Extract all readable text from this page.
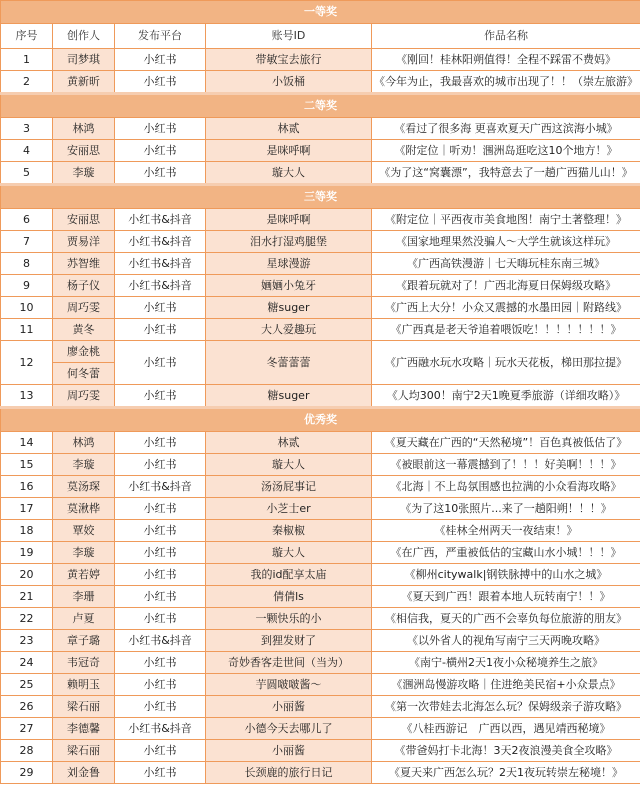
一等奖				
序号	创作人	发布平台	账号ID	作品名称
1	司梦琪	小红书	带敏宝去旅行	《刚回！桂林阳朔值得！全程不踩雷不费妈》
2	黄新昕	小红书	小饭桶	《今年为止，我最喜欢的城市出现了！！（崇左旅游》
二等奖				
3	林鸿	小红书	林贰	《看过了很多海 更喜欢夏天广西这滨海小城》
4	安丽思	小红书	是咪呼啊	《附定位｜听劝！涠洲岛逛吃这10个地方！》
5	李璇	小红书	璇大人	《为了这“窝囊漂”，我特意去了一趟广西猫儿山！》
三等奖				
6	安丽思	小红书&抖音	是咪呼啊	《附定位｜平西夜市美食地图！南宁土著整理！》
7	贾易洋	小红书&抖音	泪水打湿鸡腿堡	《国家地理果然没骗人～大学生就该这样玩》
8	苏智维	小红书&抖音	星球漫游	《广西高铁漫游｜七天嗨玩桂东南三城》
9	杨子仪	小红书&抖音	婳婳小兔牙	《跟着玩就对了！广西北海夏日保姆级攻略》
10	周巧雯	小红书	糖suger	《广西上大分！小众又震撼的水墨田园｜附路线》
11	黄冬	小红书	大人爱趣玩	《广西真是老天爷追着喂饭吃！！！！！！！》
12	廖金桃	小红书	冬蕾蕾蕾	《广西融水玩水攻略｜玩水天花板，梯田那拉提》
	何冬蕾			
13	周巧雯	小红书	糖suger	《人均300！南宁2天1晚夏季旅游（详细攻略）》
优秀奖				
14	林鸿	小红书	林贰	《夏天藏在广西的“天然秘境”！百色真被低估了》
15	李璇	小红书	璇大人	《被眼前这一幕震撼到了！！！好美啊！！！》
16	莫汤琛	小红书&抖音	汤汤屁事记	《北海｜不上岛氛围感也拉满的小众看海攻略》
17	莫湫桦	小红书	小芝士er	《为了这10张照片...来了一趟阳朔！！！》
18	覃姣	小红书	秦椒椒	《桂林全州两天一夜结束！》
19	李璇	小红书	璇大人	《在广西，严重被低估的宝藏山水小城！！！》
20	黄若婷	小红书	我的id配享太庙	《柳州citywalk|钢铁脉搏中的山水之城》
21	李珊	小红书	倩倩ls	《夏天到广西！跟着本地人玩转南宁！！》
22	卢夏	小红书	一颗快乐的小	《相信我，夏天的广西不会辜负每位旅游的朋友》
23	章子璐	小红书&抖音	到狸发财了	《以外省人的视角写南宁三天两晚攻略》
24	韦冠奇	小红书	奇妙香客走世间（当为）	《南宁-横州2天1夜小众秘境养生之旅》
25	赖明玉	小红书	芋圆啵啵酱～	《涠洲岛慢游攻略｜住进绝美民宿+小众景点》
26	梁石丽	小红书	小丽酱	《第一次带娃去北海怎么玩？保姆级亲子游攻略》
27	李德馨	小红书&抖音	小德今天去哪儿了	《八桂西游记　广西以西，遇见靖西秘境》
28	梁石丽	小红书	小丽酱	《带爸妈打卡北海！3天2夜浪漫美食全攻略》
29	刘金鲁	小红书	长颈鹿的旅行日记	《夏天来广西怎么玩？2天1夜玩转崇左秘境！》
